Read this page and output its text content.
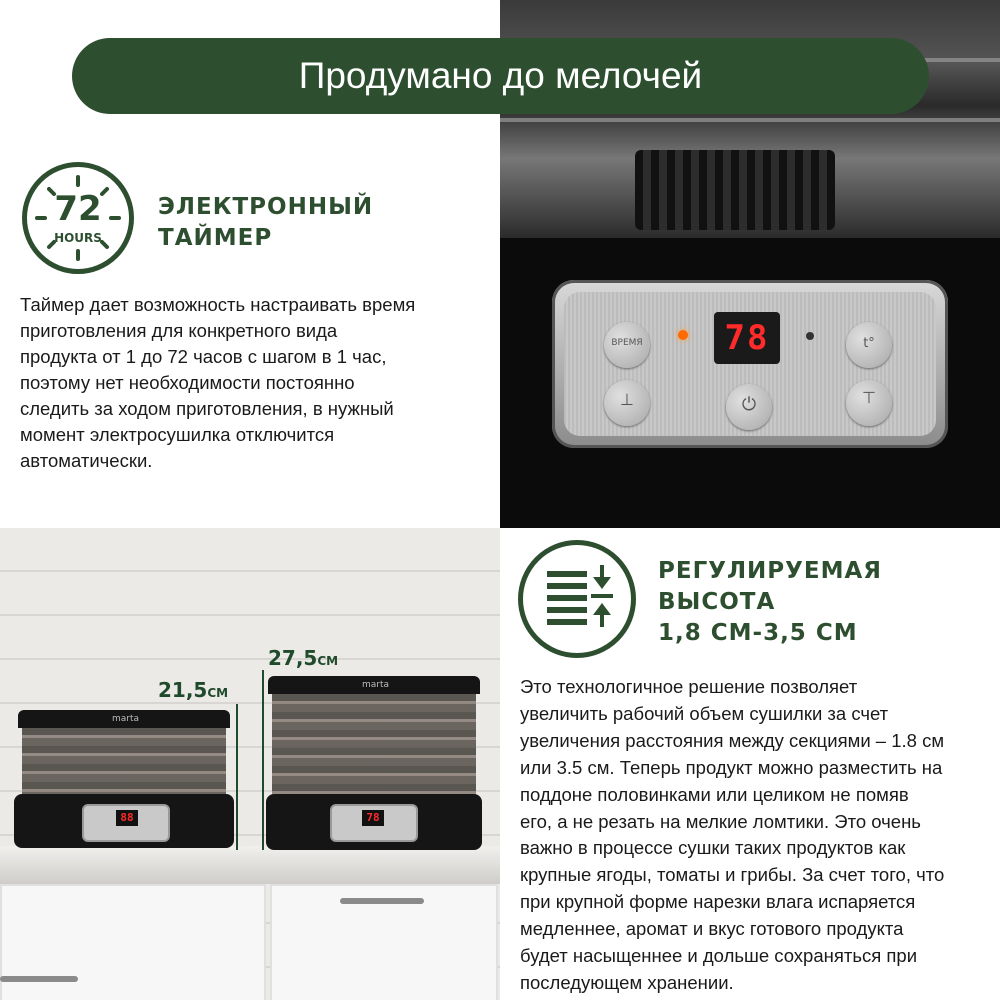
ВРЕМЯ
⊥	⏻
t°
⊤
78
marta
88
marta
78
21,5СМ
27,5СМ
Продумано до мелочей
72
HOURS
ЭЛЕКТРОННЫЙ
ТАЙМЕР
Таймер дает возможность настраивать время
приготовления для конкретного вида
продукта от 1 до 72 часов с шагом в 1 час,
поэтому нет необходимости постоянно
следить за ходом приготовления, в нужный
момент электросушилка отключится
автоматически.
РЕГУЛИРУЕМАЯ
ВЫСОТА
1,8 СМ-3,5 СМ
Это технологичное решение позволяет
увеличить рабочий объем сушилки за счет
увеличения расстояния между секциями – 1.8 см
или 3.5 см. Теперь продукт можно разместить на
поддоне половинками или целиком не помяв
его, а не резать на мелкие ломтики. Это очень
важно в процессе сушки таких продуктов как
крупные ягоды, томаты и грибы. За счет того, что
при крупной форме нарезки влага испаряется
медленнее, аромат и вкус готового продукта
будет насыщеннее и дольше сохраняться при
последующем хранении.
